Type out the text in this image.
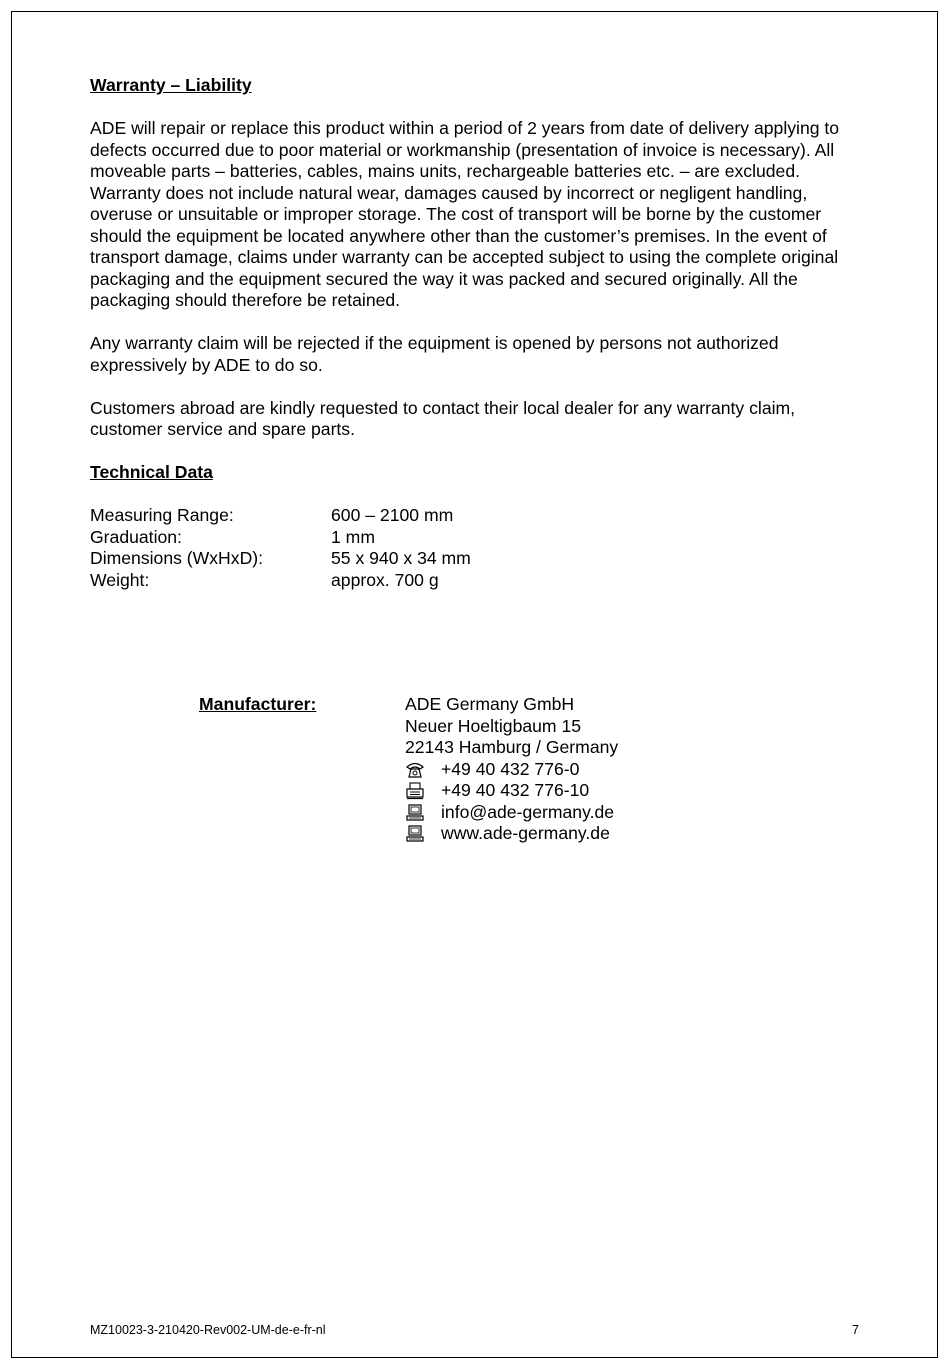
Warranty – Liability

ADE will repair or replace this product within a period of 2 years from date of delivery applying to defects occurred due to poor material or workmanship (presentation of invoice is necessary). All moveable parts – batteries, cables, mains units, rechargeable batteries etc. – are excluded. Warranty does not include natural wear, damages caused by incorrect or negligent handling, overuse or unsuitable or improper storage. The cost of transport will be borne by the customer should the equipment be located anywhere other than the customer’s premises. In the event of transport damage, claims under warranty can be accepted subject to using the complete original packaging and the equipment secured the way it was packed and secured originally. All the packaging should therefore be retained.

Any warranty claim will be rejected if the equipment is opened by persons not authorized expressively by ADE to do so.

Customers abroad are kindly requested to contact their local dealer for any warranty claim, customer service and spare parts.

Technical Data
Measuring Range:	600 – 2100 mm
Graduation:	1 mm
Dimensions (WxHxD):	55 x 940 x 34 mm
Weight:	approx. 700 g
Manufacturer:	ADE Germany GmbH
Neuer Hoeltigbaum 15
22143 Hamburg / Germany
+49 40 432 776-0
+49 40 432 776-10
info@ade-germany.de
www.ade-germany.de
MZ10023-3-210420-Rev002-UM-de-e-fr-nl	7
